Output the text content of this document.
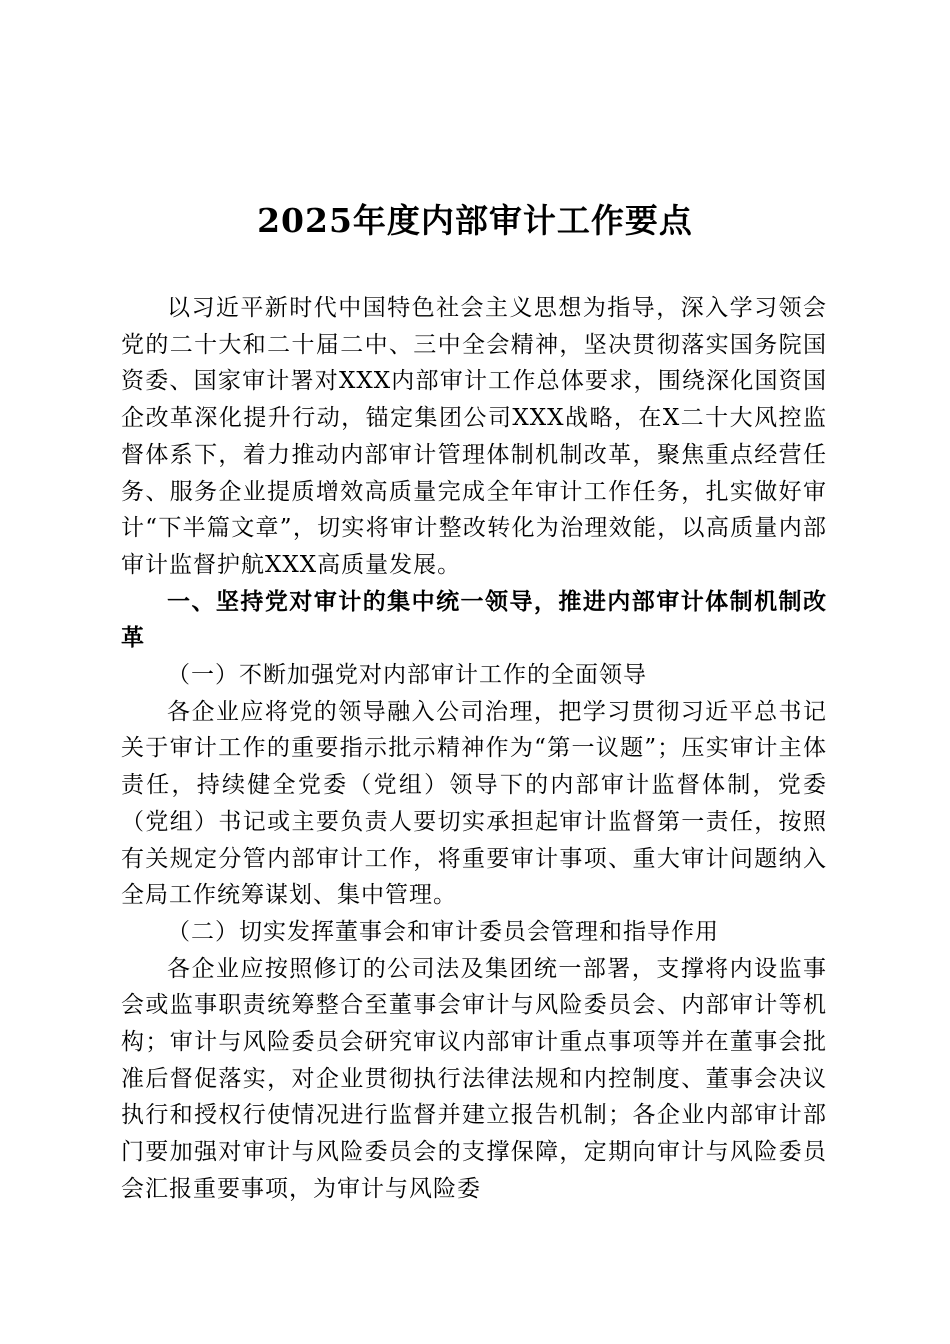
2025年度内部审计工作要点

以习近平新时代中国特色社会主义思想为指导，深入学习领会党的二十大和二十届二中、三中全会精神，坚决贯彻落实国务院国资委、国家审计署对XXX内部审计工作总体要求，围绕深化国资国企改革深化提升行动，锚定集团公司XXX战略，在X二十大风控监督体系下，着力推动内部审计管理体制机制改革，聚焦重点经营任务、服务企业提质增效高质量完成全年审计工作任务，扎实做好审计“下半篇文章”，切实将审计整改转化为治理效能，以高质量内部审计监督护航XXX高质量发展。

一、坚持党对审计的集中统一领导，推进内部审计体制机制改革

（一）不断加强党对内部审计工作的全面领导

各企业应将党的领导融入公司治理，把学习贯彻习近平总书记关于审计工作的重要指示批示精神作为“第一议题”；压实审计主体责任，持续健全党委（党组）领导下的内部审计监督体制，党委（党组）书记或主要负责人要切实承担起审计监督第一责任，按照有关规定分管内部审计工作，将重要审计事项、重大审计问题纳入全局工作统筹谋划、集中管理。

（二）切实发挥董事会和审计委员会管理和指导作用

各企业应按照修订的公司法及集团统一部署，支撑将内设监事会或监事职责统筹整合至董事会审计与风险委员会、内部审计等机构；审计与风险委员会研究审议内部审计重点事项等并在董事会批准后督促落实，对企业贯彻执行法律法规和内控制度、董事会决议执行和授权行使情况进行监督并建立报告机制；各企业内部审计部门要加强对审计与风险委员会的支撑保障，定期向审计与风险委员会汇报重要事项，为审计与风险委
